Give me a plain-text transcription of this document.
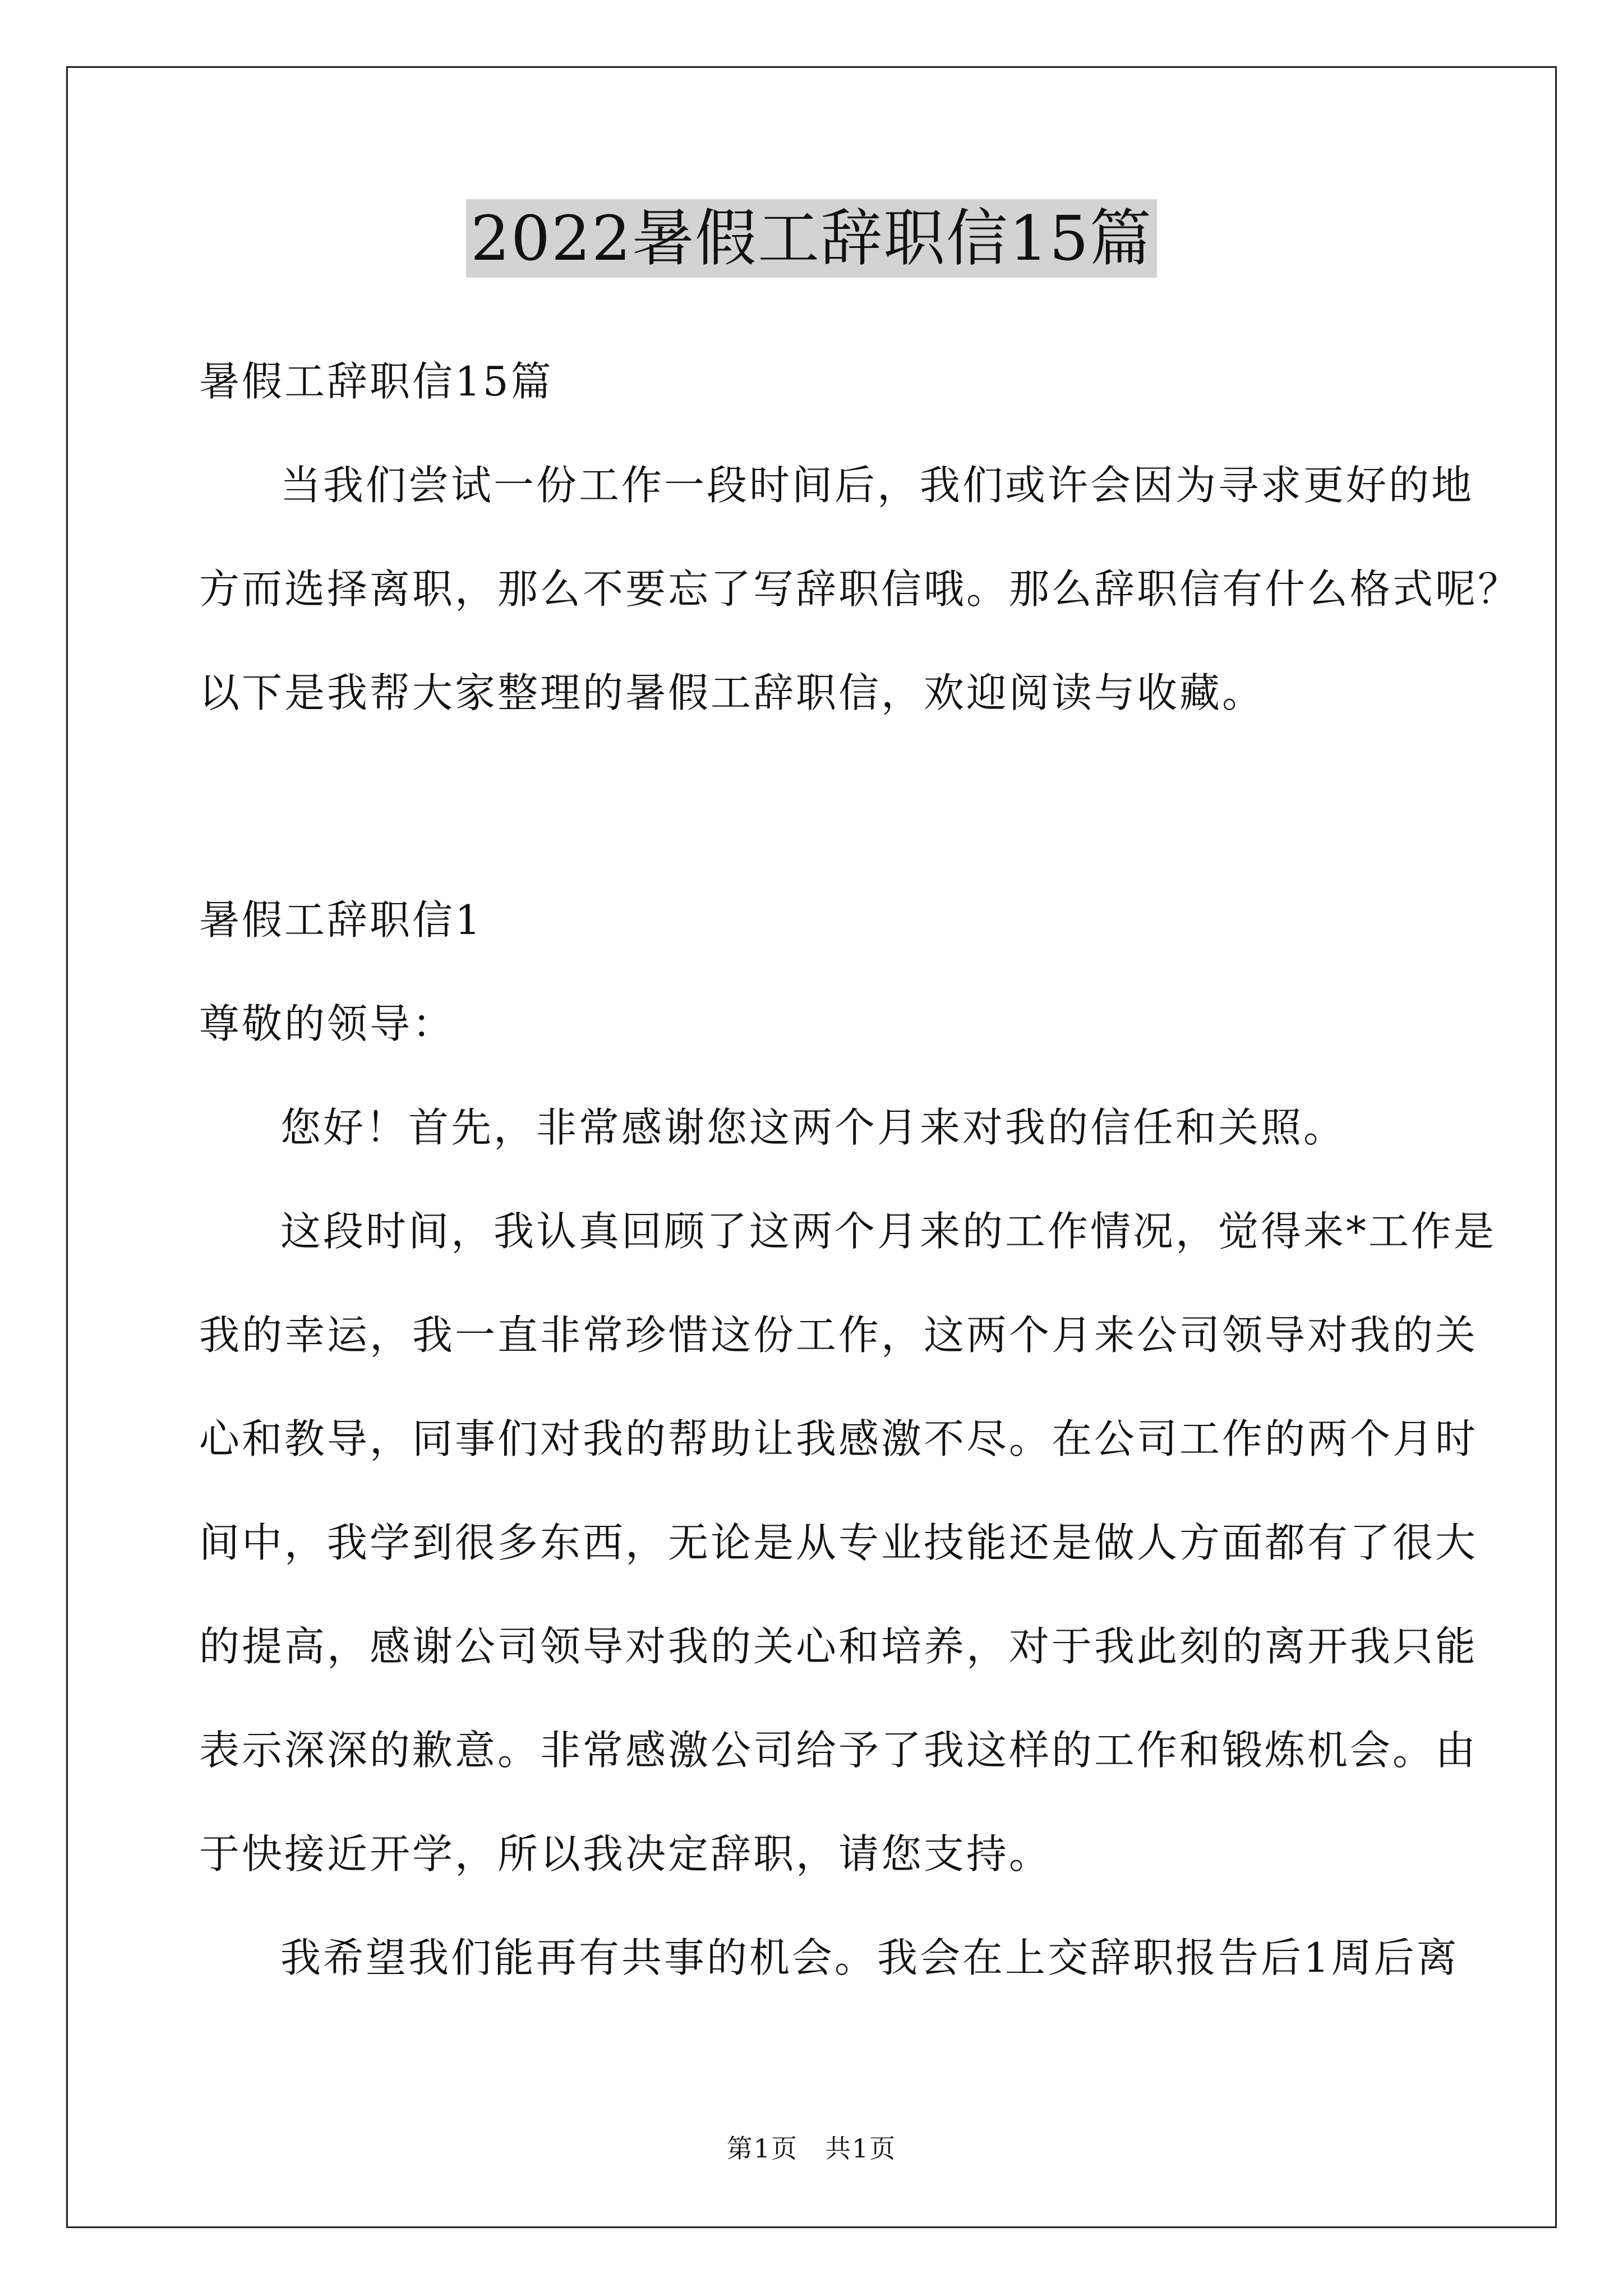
2022暑假工辞职信15篇
暑假工辞职信15篇
当我们尝试一份工作一段时间后，我们或许会因为寻求更好的地
方而选择离职，那么不要忘了写辞职信哦。那么辞职信有什么格式呢？
以下是我帮大家整理的暑假工辞职信，欢迎阅读与收藏。
暑假工辞职信1
尊敬的领导：
您好！首先，非常感谢您这两个月来对我的信任和关照。
这段时间，我认真回顾了这两个月来的工作情况，觉得来*工作是
我的幸运，我一直非常珍惜这份工作，这两个月来公司领导对我的关
心和教导，同事们对我的帮助让我感激不尽。在公司工作的两个月时
间中，我学到很多东西，无论是从专业技能还是做人方面都有了很大
的提高，感谢公司领导对我的关心和培养，对于我此刻的离开我只能
表示深深的歉意。非常感激公司给予了我这样的工作和锻炼机会。由
于快接近开学，所以我决定辞职，请您支持。
我希望我们能再有共事的机会。我会在上交辞职报告后1周后离
第1页　共1页
